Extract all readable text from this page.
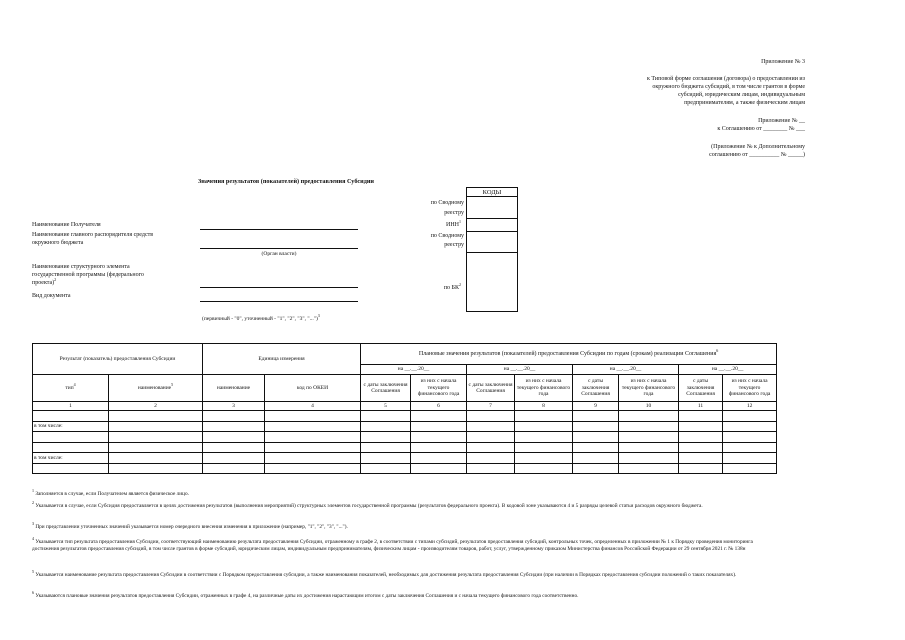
Приложение № 3
к Типовой форме соглашения (договора) о предоставлении из
окружного бюджета субсидий, в том числе грантов в форме
субсидий, юридическим лицам, индивидуальным
предпринимателям, а также физическим лицам
Приложение № __
к Соглашению от ________ № ___
(Приложение № к Дополнительному
соглашению от __________ № _____)
Значения результатов (показателей) предоставления Субсидии
КОДЫ
по Сводному
реестру
ИНН$^1$
по Сводному
реестру
по $БК^2$
Наименование Получателя
Наименование главного распорядителя средств
окружного бюджета
(Орган власти)
Наименование структурного элемента
государственной программы (федерального
проекта)$^2$
Вид документа
(первичный - "0", уточненный - "1", "2", "3", "...")$^3$
Результат (показатель) предоставления Субсидии		Единица измерения		Плановые значения результатов (показателей) предоставления Субсидии по годам (срокам) реализации Соглашения$^6$
				на __.__.20__		на __.__.20__		на __.__.20__		на __.__.20__	
тип$^4$	наименование$^5$	наименование	код по ОКЕИ	с даты заключения Соглашения	из них с начала текущего финансового года	с даты заключения Соглашения	из них с начала текущего финансового года	с даты заключения Соглашения	из них с начала текущего финансового года	с даты заключения Соглашения	из них с начала текущего финансового года
1	2	3	4	5	6	7	8	9	10	11	12

в том числе:											

в том числе:											

$^1$ Заполняется в случае, если Получателем является физическое лицо.
$^2$ Указывается в случае, если Субсидия предоставляется в целях достижения результатов (выполнения мероприятий) структурных элементов государственной программы (результатов федерального проекта). В кодовой зоне указываются 4 и 5 разряды целевой статьи расходов окружного бюджета.
$^3$ При представлении уточненных значений указывается номер очередного внесения изменения в приложение (например, "1", "2", "3", "...").
$^4$ Указывается тип результата предоставления Субсидии, соответствующий наименованию результата предоставления Субсидии, отраженному в графе 2, в соответствии с типами субсидий, результатов предоставления субсидий, контрольных точек, определенных в приложении № 1 к Порядку проведения мониторинга достижения результатов предоставления субсидий, в том числе грантов в форме субсидий, юридическим лицам, индивидуальным предпринимателям, физическим лицам - производителям товаров, работ, услуг, утвержденному приказом Министерства финансов Российской Федерации от 29 сентября 2021 г. № 138н
$^5$ Указывается наименование результата предоставления Субсидии в соответствии с Порядком предоставления субсидии, а также наименования показателей, необходимых для достижения результата предоставления Субсидии (при наличии в Порядках предоставления субсидии положений о таких показателях).
$^6$ Указываются плановые значения результатов предоставления Субсидии, отраженных в графе 4, на различные даты их достижения нарастающим итогом с даты заключения Соглашения и с начала текущего финансового года соответственно.
